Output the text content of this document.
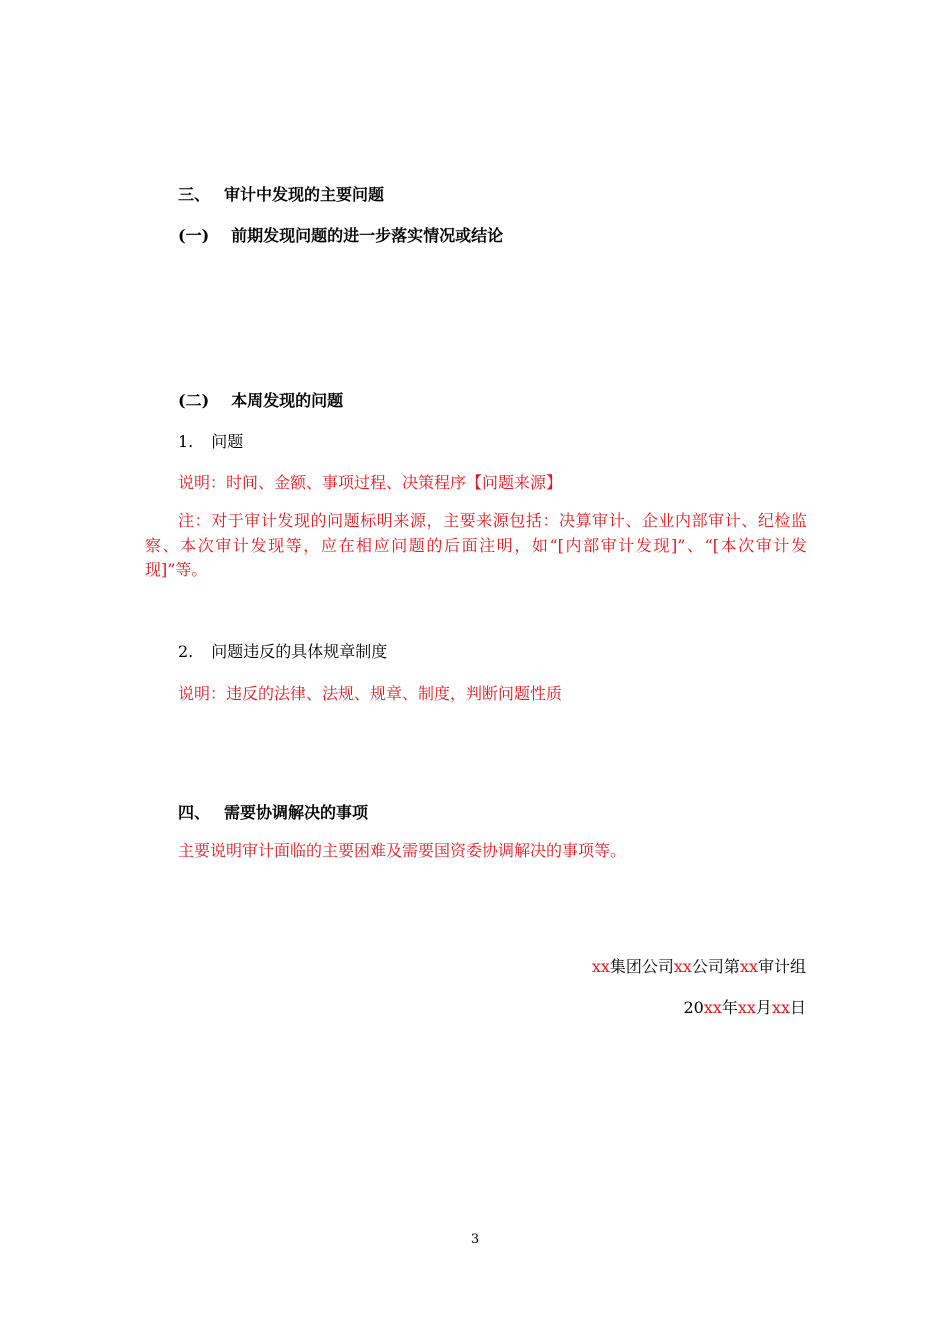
三、 审计中发现的主要问题
(一) 前期发现问题的进一步落实情况或结论
(二) 本周发现的问题
1. 问题
说明：时间、金额、事项过程、决策程序【问题来源】
注：对于审计发现的问题标明来源，主要来源包括：决算审计、企业内部审计、纪检监察、本次审计发现等，应在相应问题的后面注明，如“[内部审计发现]”、“[本次审计发现]”等。
2. 问题违反的具体规章制度
说明：违反的法律、法规、规章、制度，判断问题性质
四、 需要协调解决的事项
主要说明审计面临的主要困难及需要国资委协调解决的事项等。
xx集团公司xx公司第xx审计组
20xx年xx月xx日
3
